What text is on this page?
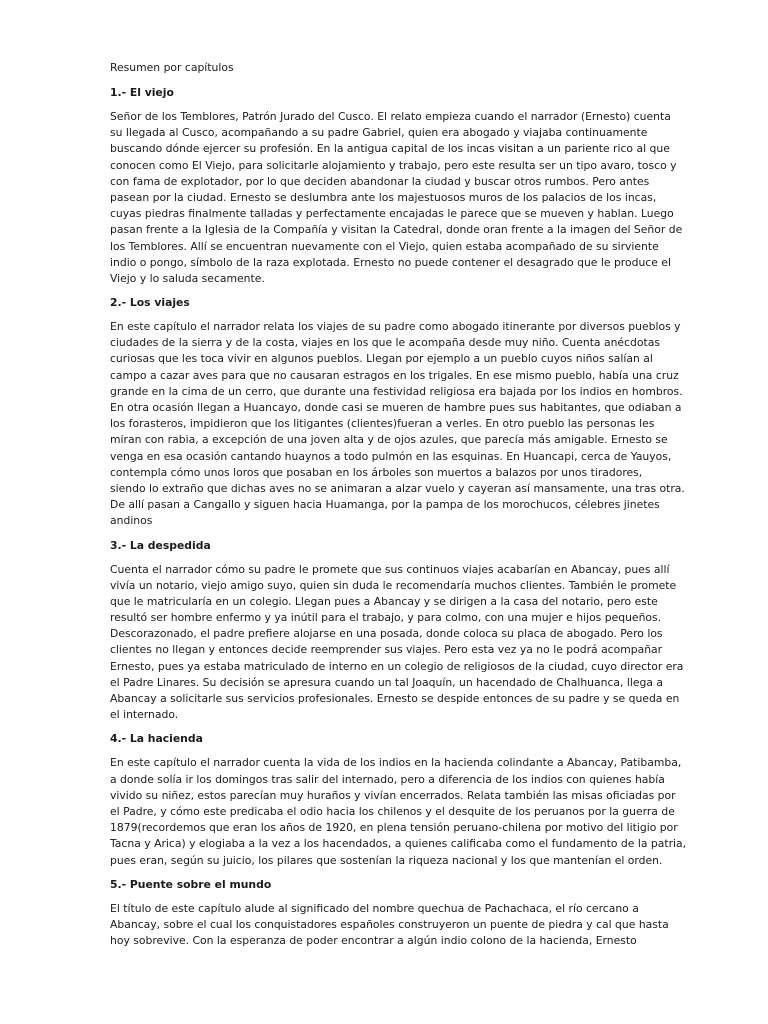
Resumen por capítulos

1.- El viejo
Señor de los Temblores, Patrón Jurado del Cusco. El relato empieza cuando el narrador (Ernesto) cuenta
su llegada al Cusco, acompañando a su padre Gabriel, quien era abogado y viajaba continuamente
buscando dónde ejercer su profesión. En la antigua capital de los incas visitan a un pariente rico al que
conocen como El Viejo, para solicitarle alojamiento y trabajo, pero este resulta ser un tipo avaro, tosco y
con fama de explotador, por lo que deciden abandonar la ciudad y buscar otros rumbos. Pero antes
pasean por la ciudad. Ernesto se deslumbra ante los majestuosos muros de los palacios de los incas,
cuyas piedras finalmente talladas y perfectamente encajadas le parece que se mueven y hablan. Luego
pasan frente a la Iglesia de la Compañía y visitan la Catedral, donde oran frente a la imagen del Señor de
los Temblores. Allí se encuentran nuevamente con el Viejo, quien estaba acompañado de su sirviente
indio o pongo, símbolo de la raza explotada. Ernesto no puede contener el desagrado que le produce el
Viejo y lo saluda secamente.
2.- Los viajes
En este capítulo el narrador relata los viajes de su padre como abogado itinerante por diversos pueblos y
ciudades de la sierra y de la costa, viajes en los que le acompaña desde muy niño. Cuenta anécdotas
curiosas que les toca vivir en algunos pueblos. Llegan por ejemplo a un pueblo cuyos niños salían al
campo a cazar aves para que no causaran estragos en los trigales. En ese mismo pueblo, había una cruz
grande en la cima de un cerro, que durante una festividad religiosa era bajada por los indios en hombros.
En otra ocasión llegan a Huancayo, donde casi se mueren de hambre pues sus habitantes, que odiaban a
los forasteros, impidieron que los litigantes (clientes)fueran a verles. En otro pueblo las personas les
miran con rabia, a excepción de una joven alta y de ojos azules, que parecía más amigable. Ernesto se
venga en esa ocasión cantando huaynos a todo pulmón en las esquinas. En Huancapi, cerca de Yauyos,
contempla cómo unos loros que posaban en los árboles son muertos a balazos por unos tiradores,
siendo lo extraño que dichas aves no se animaran a alzar vuelo y cayeran así mansamente, una tras otra.
De allí pasan a Cangallo y siguen hacia Huamanga, por la pampa de los morochucos, célebres jinetes
andinos
3.- La despedida
Cuenta el narrador cómo su padre le promete que sus continuos viajes acabarían en Abancay, pues allí
vivía un notario, viejo amigo suyo, quien sin duda le recomendaría muchos clientes. También le promete
que le matricularía en un colegio. Llegan pues a Abancay y se dirigen a la casa del notario, pero este
resultó ser hombre enfermo y ya inútil para el trabajo, y para colmo, con una mujer e hijos pequeños.
Descorazonado, el padre prefiere alojarse en una posada, donde coloca su placa de abogado. Pero los
clientes no llegan y entonces decide reemprender sus viajes. Pero esta vez ya no le podrá acompañar
Ernesto, pues ya estaba matriculado de interno en un colegio de religiosos de la ciudad, cuyo director era
el Padre Linares. Su decisión se apresura cuando un tal Joaquín, un hacendado de Chalhuanca, llega a
Abancay a solicitarle sus servicios profesionales. Ernesto se despide entonces de su padre y se queda en
el internado.
4.- La hacienda
En este capítulo el narrador cuenta la vida de los indios en la hacienda colindante a Abancay, Patibamba,
a donde solía ir los domingos tras salir del internado, pero a diferencia de los indios con quienes había
vivido su niñez, estos parecían muy huraños y vivían encerrados. Relata también las misas oficiadas por
el Padre, y cómo este predicaba el odio hacia los chilenos y el desquite de los peruanos por la guerra de
1879(recordemos que eran los años de 1920, en plena tensión peruano-chilena por motivo del litigio por
Tacna y Arica) y elogiaba a la vez a los hacendados, a quienes calificaba como el fundamento de la patria,
pues eran, según su juicio, los pilares que sostenían la riqueza nacional y los que mantenían el orden.
5.- Puente sobre el mundo
El título de este capítulo alude al significado del nombre quechua de Pachachaca, el río cercano a
Abancay, sobre el cual los conquistadores españoles construyeron un puente de piedra y cal que hasta
hoy sobrevive. Con la esperanza de poder encontrar a algún indio colono de la hacienda, Ernesto
